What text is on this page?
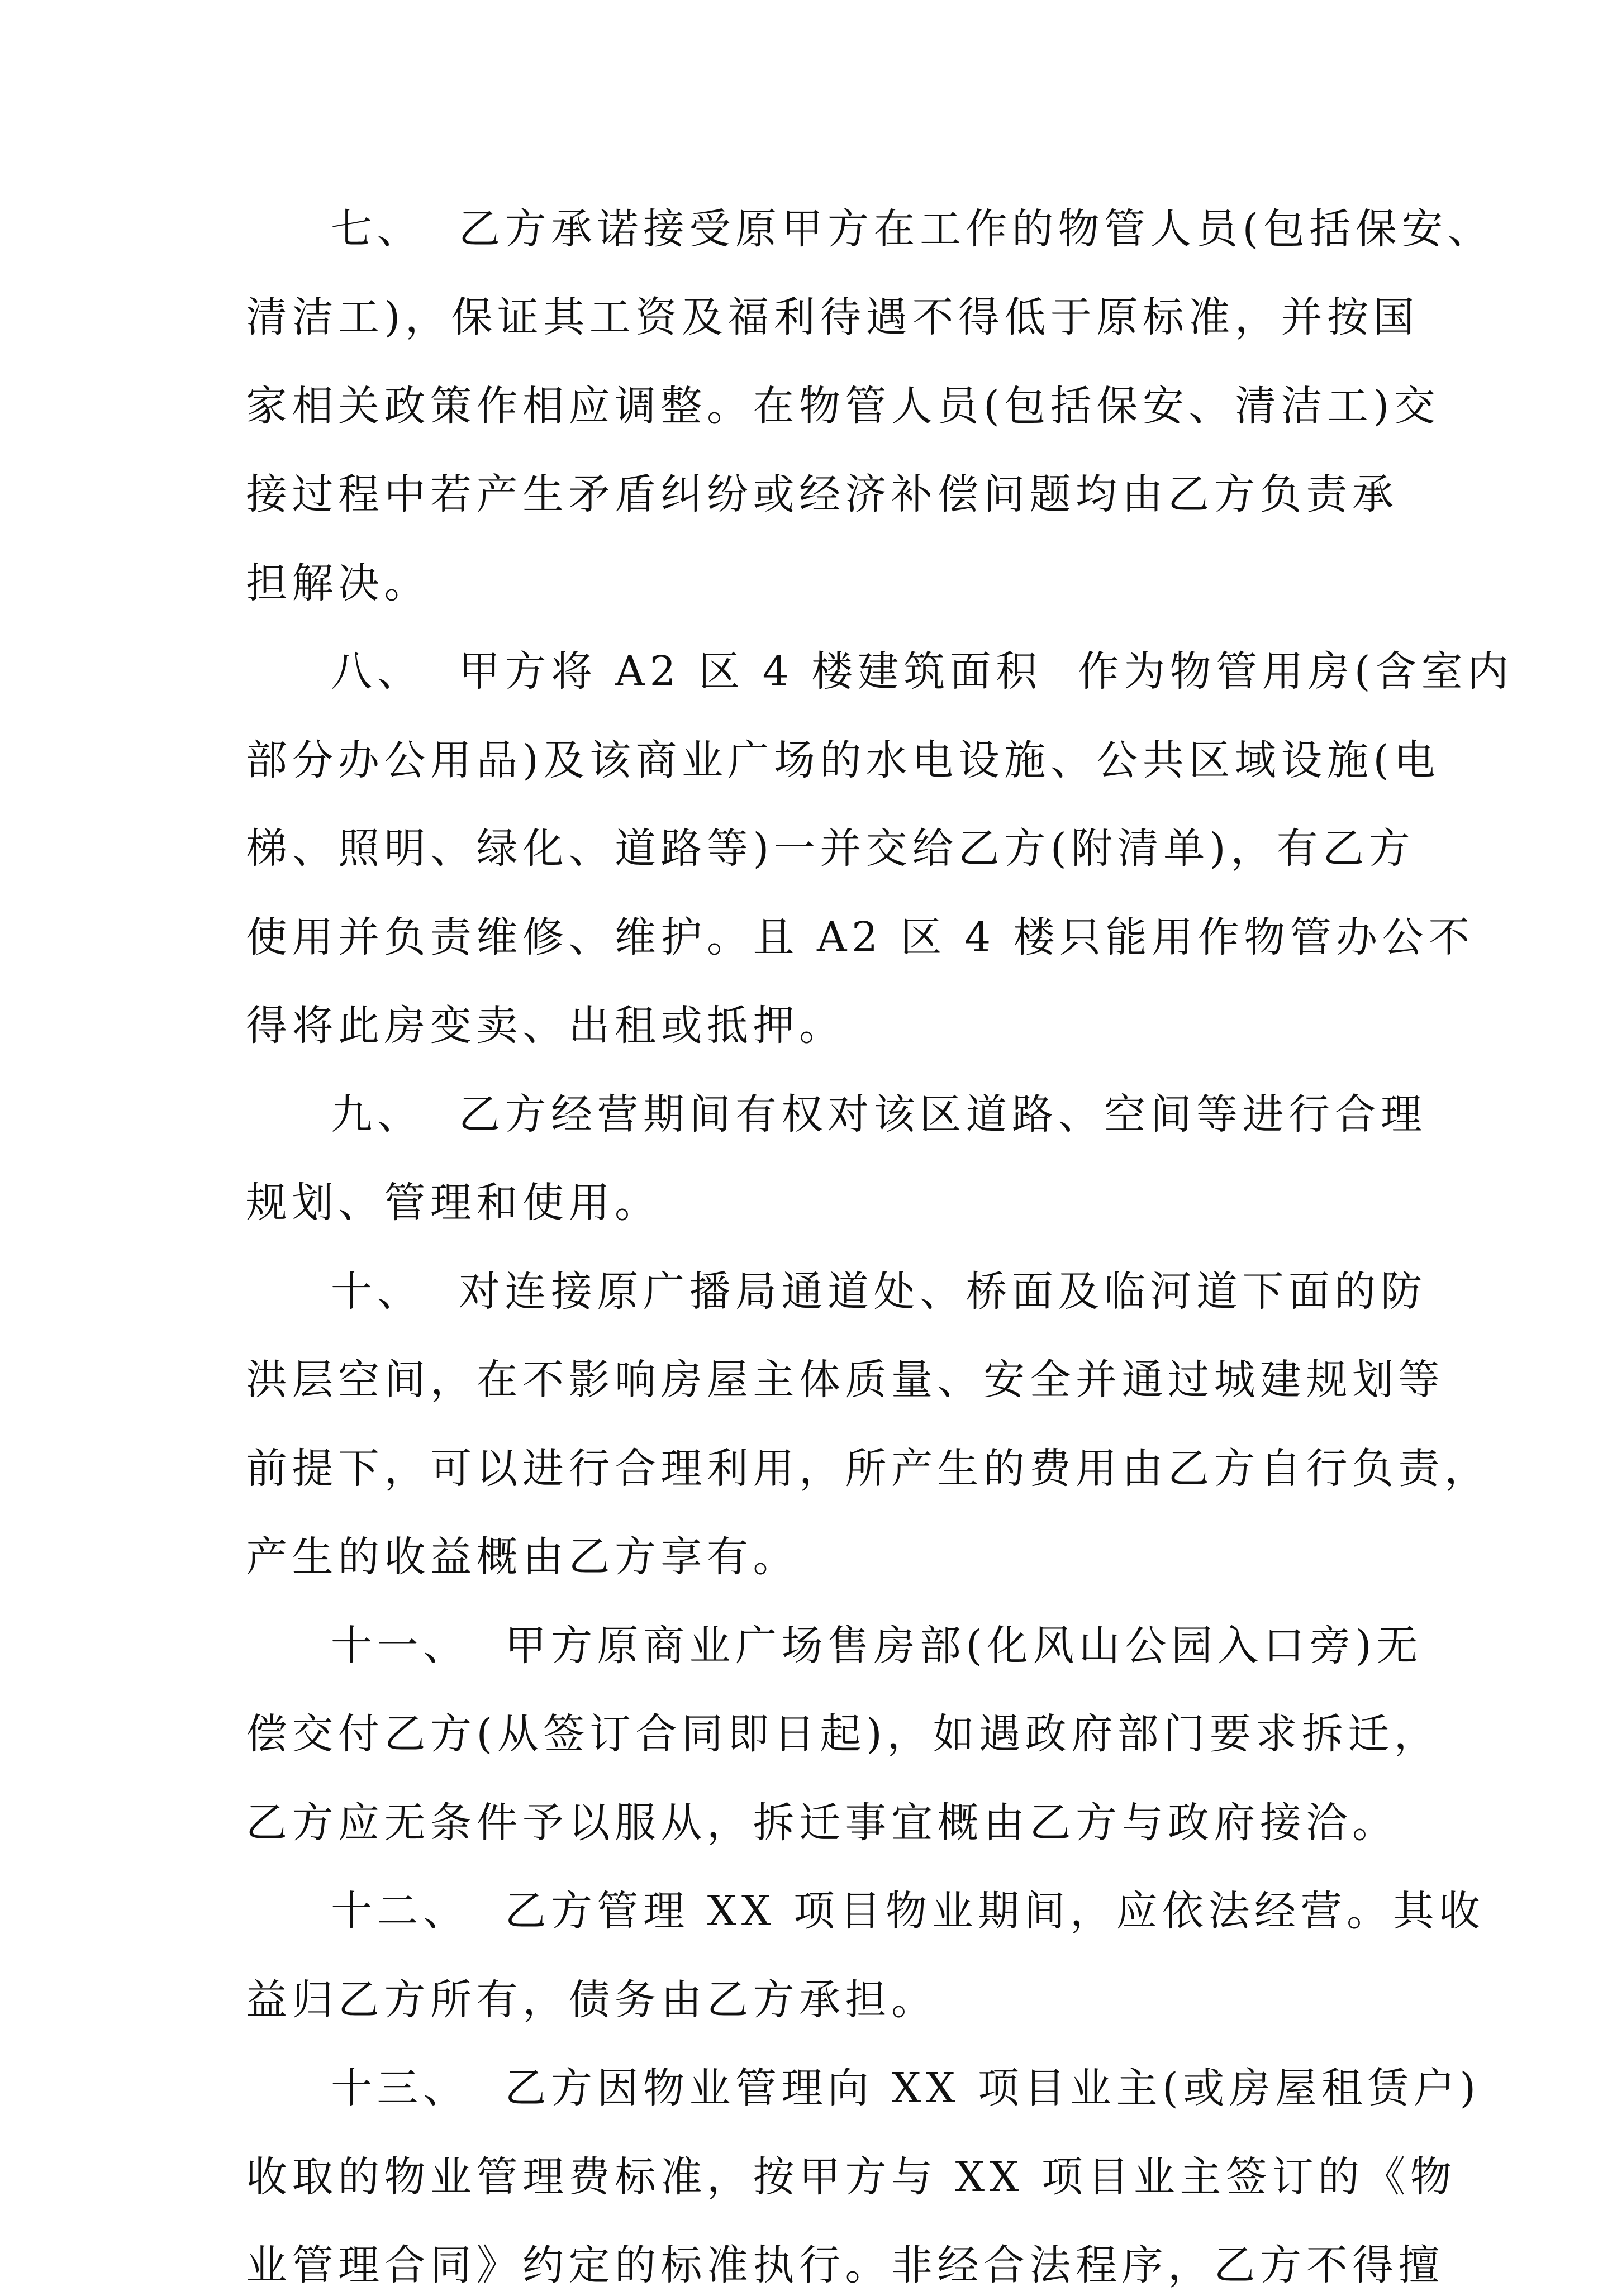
七、  乙方承诺接受原甲方在工作的物管人员(包括保安、
清洁工)，保证其工资及福利待遇不得低于原标准，并按国
家相关政策作相应调整。在物管人员(包括保安、清洁工)交
接过程中若产生矛盾纠纷或经济补偿问题均由乙方负责承
担解决。
八、  甲方将 A2 区 4 楼建筑面积  作为物管用房(含室内
部分办公用品)及该商业广场的水电设施、公共区域设施(电
梯、照明、绿化、道路等)一并交给乙方(附清单)，有乙方
使用并负责维修、维护。且 A2 区 4 楼只能用作物管办公不
得将此房变卖、出租或抵押。
九、  乙方经营期间有权对该区道路、空间等进行合理
规划、管理和使用。
十、  对连接原广播局通道处、桥面及临河道下面的防
洪层空间，在不影响房屋主体质量、安全并通过城建规划等
前提下，可以进行合理利用，所产生的费用由乙方自行负责，
产生的收益概由乙方享有。
十一、  甲方原商业广场售房部(化风山公园入口旁)无
偿交付乙方(从签订合同即日起)，如遇政府部门要求拆迁，
乙方应无条件予以服从，拆迁事宜概由乙方与政府接洽。
十二、  乙方管理 XX 项目物业期间，应依法经营。其收
益归乙方所有，债务由乙方承担。
十三、  乙方因物业管理向 XX 项目业主(或房屋租赁户)
收取的物业管理费标准，按甲方与 XX 项目业主签订的《物
业管理合同》约定的标准执行。非经合法程序，乙方不得擅
